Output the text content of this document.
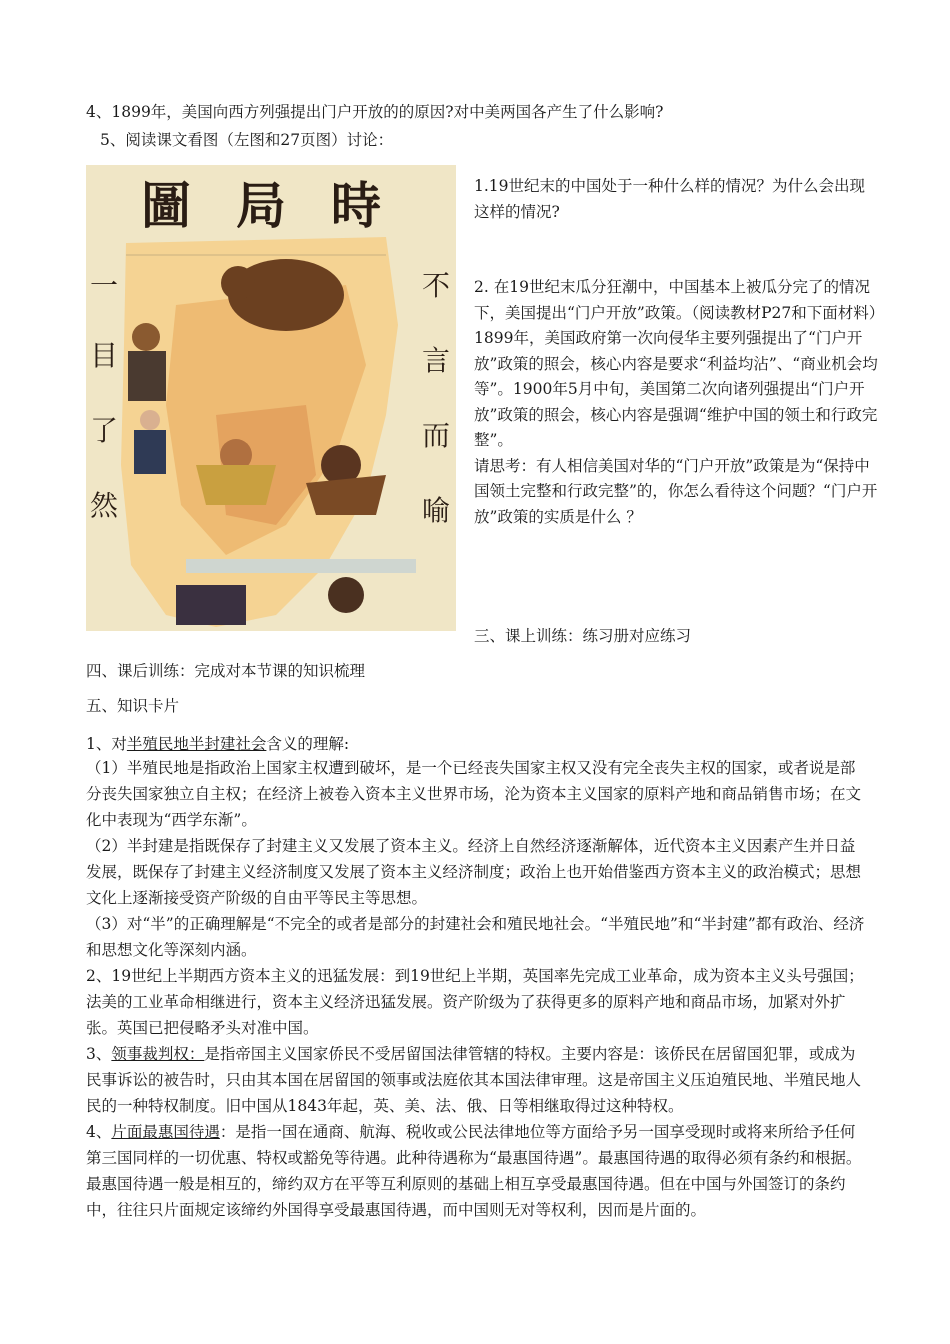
4、1899年，美国向西方列强提出门户开放的的原因?对中美两国各产生了什么影响?
5、阅读课文看图（左图和27页图）讨论：
圖 局 時
一
目
了
然
不
言
而
喻
1.19世纪末的中国处于一种什么样的情况？为什么会出现这样的情况?
2. 在19世纪末瓜分狂潮中，中国基本上被瓜分完了的情况下，美国提出“门户开放”政策。（阅读教材P27和下面材料）
1899年，美国政府第一次向侵华主要列强提出了“门户开放”政策的照会，核心内容是要求“利益均沾”、“商业机会均等”。1900年5月中旬，美国第二次向诸列强提出“门户开放”政策的照会，核心内容是强调“维护中国的领土和行政完整”。
请思考：有人相信美国对华的“门户开放”政策是为“保持中国领土完整和行政完整”的，你怎么看待这个问题？“门户开放”政策的实质是什么 ？
三、课上训练：练习册对应练习
四、课后训练：完成对本节课的知识梳理
五、知识卡片
1、对半殖民地半封建社会含义的理解:
（1）半殖民地是指政治上国家主权遭到破坏，是一个已经丧失国家主权又没有完全丧失主权的国家，或者说是部分丧失国家独立自主权；在经济上被卷入资本主义世界市场，沦为资本主义国家的原料产地和商品销售市场；在文化中表现为“西学东渐”。
（2）半封建是指既保存了封建主义又发展了资本主义。经济上自然经济逐渐解体，近代资本主义因素产生并日益发展，既保存了封建主义经济制度又发展了资本主义经济制度；政治上也开始借鉴西方资本主义的政治模式；思想文化上逐渐接受资产阶级的自由平等民主等思想。
（3）对“半”的正确理解是“不完全的或者是部分的封建社会和殖民地社会。“半殖民地”和“半封建”都有政治、经济和思想文化等深刻内涵。
2、19世纪上半期西方资本主义的迅猛发展：到19世纪上半期，英国率先完成工业革命，成为资本主义头号强国；法美的工业革命相继进行，资本主义经济迅猛发展。资产阶级为了获得更多的原料产地和商品市场，加紧对外扩张。英国已把侵略矛头对准中国。
3、领事裁判权：是指帝国主义国家侨民不受居留国法律管辖的特权。主要内容是：该侨民在居留国犯罪，或成为民事诉讼的被告时，只由其本国在居留国的领事或法庭依其本国法律审理。这是帝国主义压迫殖民地、半殖民地人民的一种特权制度。旧中国从1843年起，英、美、法、俄、日等相继取得过这种特权。
4、片面最惠国待遇：是指一国在通商、航海、税收或公民法律地位等方面给予另一国享受现时或将来所给予任何第三国同样的一切优惠、特权或豁免等待遇。此种待遇称为“最惠国待遇”。最惠国待遇的取得必须有条约和根据。最惠国待遇一般是相互的，缔约双方在平等互利原则的基础上相互享受最惠国待遇。但在中国与外国签订的条约中，往往只片面规定该缔约外国得享受最惠国待遇，而中国则无对等权利，因而是片面的。
